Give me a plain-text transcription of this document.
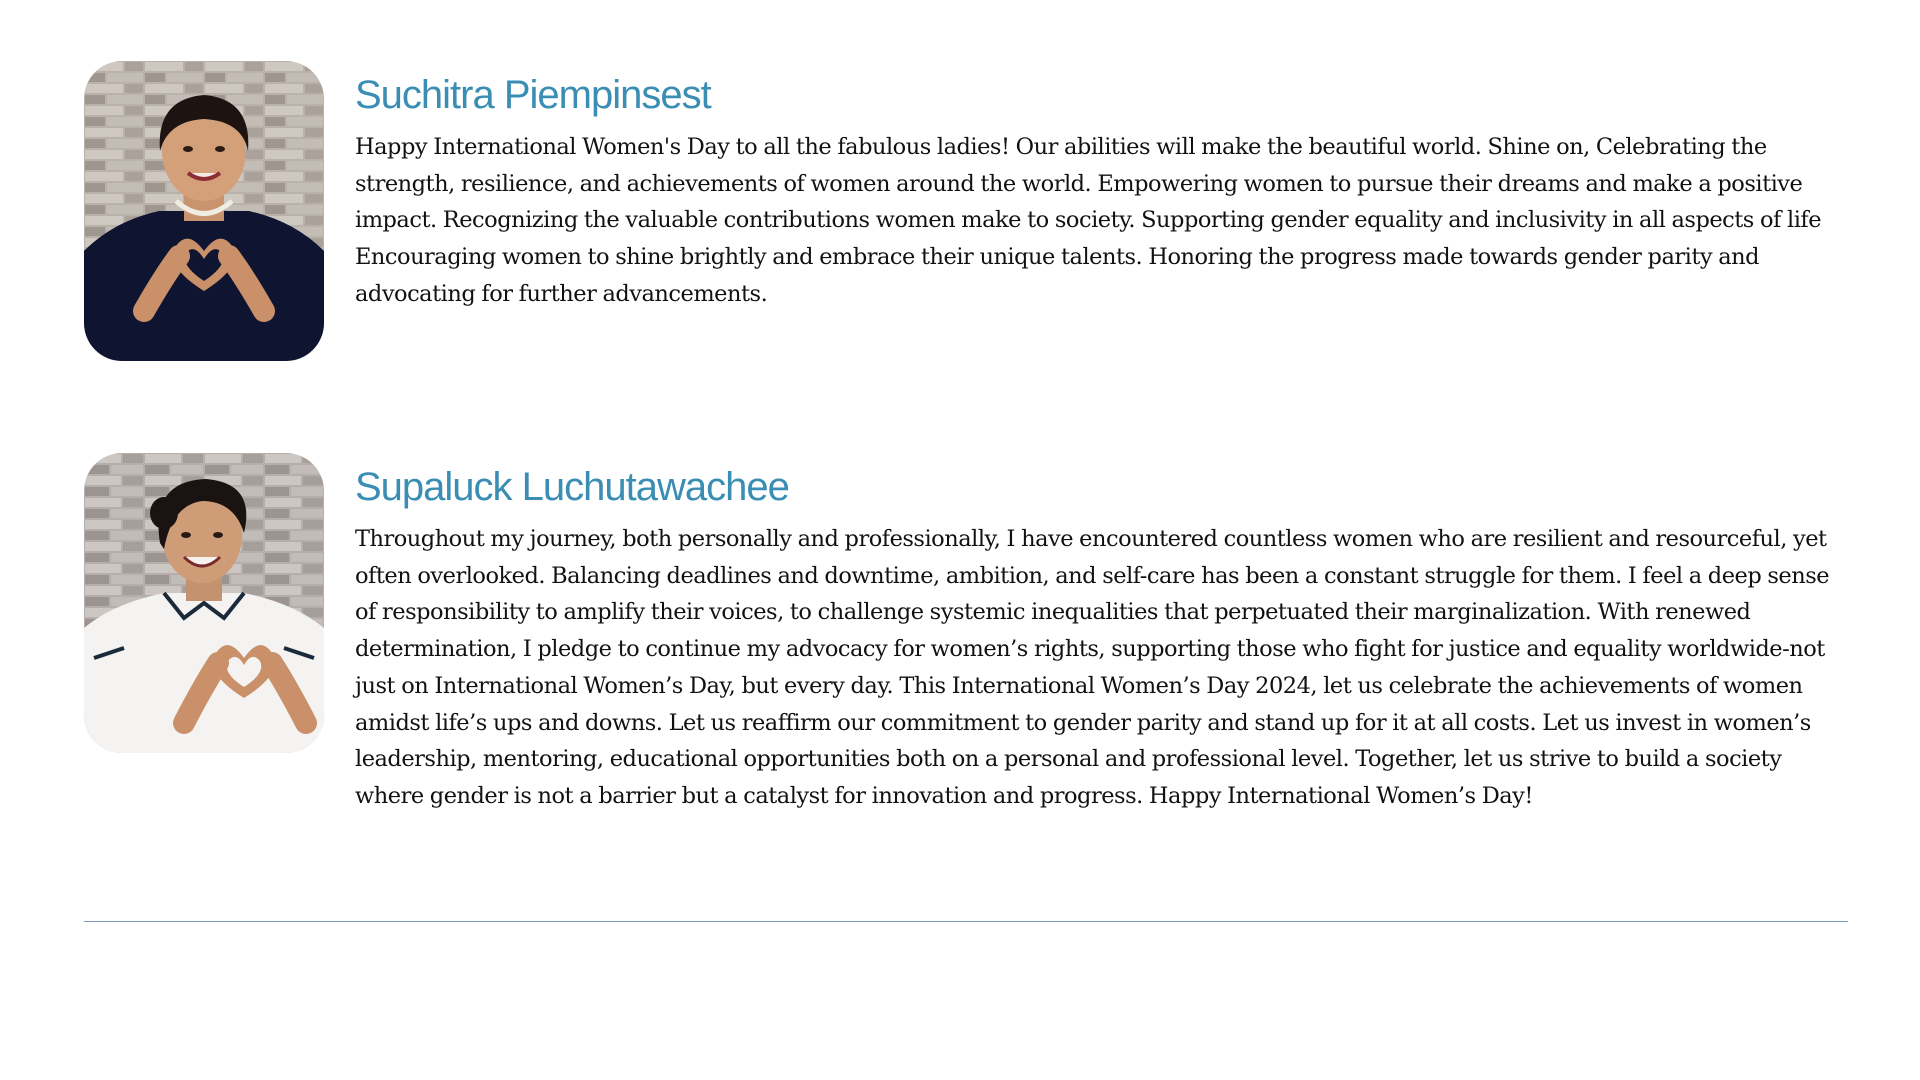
Suchitra Piempinsest

Happy International Women's Day to all the fabulous ladies! Our abilities will make the beautiful world. Shine on, Celebrating the strength, resilience, and achievements of women around the world. Empowering women to pursue their dreams and make a positive impact. Recognizing the valuable contributions women make to society. Supporting gender equality and inclusivity in all aspects of life Encouraging women to shine brightly and embrace their unique talents. Honoring the progress made towards gender parity and advocating for further advancements.

Supaluck Luchutawachee

Throughout my journey, both personally and professionally, I have encountered countless women who are resilient and resourceful, yet often overlooked. Balancing deadlines and downtime, ambition, and self-care has been a constant struggle for them. I feel a deep sense of responsibility to amplify their voices, to challenge systemic inequalities that perpetuated their marginalization. With renewed determination, I pledge to continue my advocacy for women’s rights, supporting those who fight for justice and equality worldwide-not just on International Women’s Day, but every day. This International Women’s Day 2024, let us celebrate the achievements of women amidst life’s ups and downs. Let us reaffirm our commitment to gender parity and stand up for it at all costs. Let us invest in women’s leadership, mentoring, educational opportunities both on a personal and professional level. Together, let us strive to build a society where gender is not a barrier but a catalyst for innovation and progress. Happy International Women’s Day!
